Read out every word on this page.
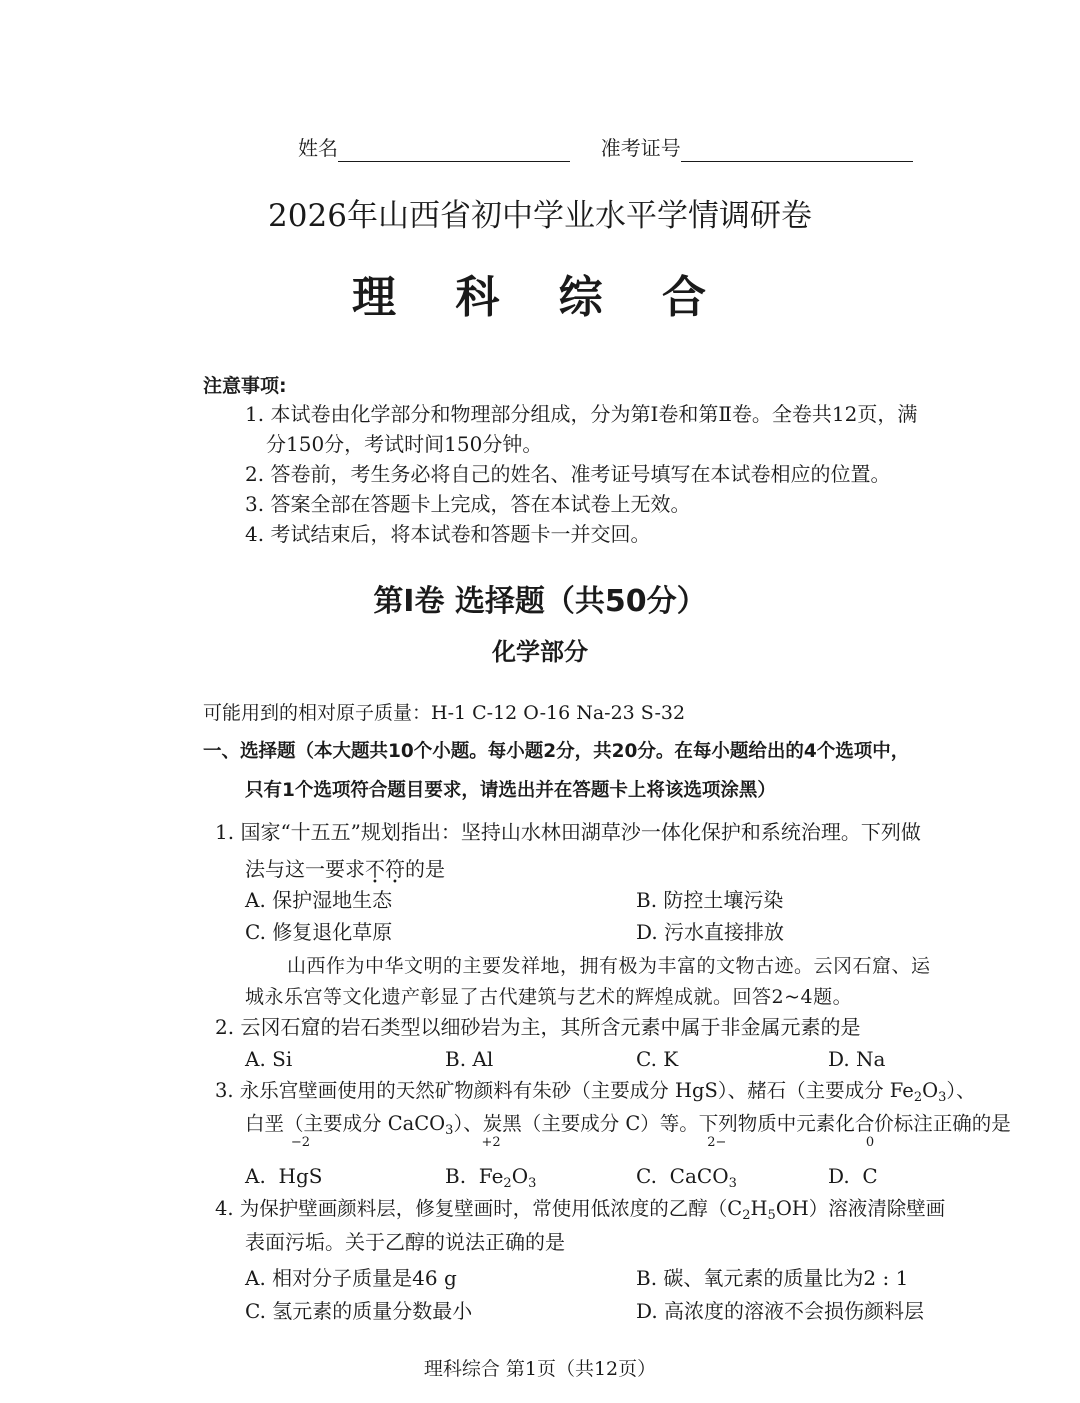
姓名	准考证号
2026年山西省初中学业水平学情调研卷
理 科 综 合
注意事项:
1. 本试卷由化学部分和物理部分组成，分为第Ⅰ卷和第Ⅱ卷。全卷共12页，满
分150分，考试时间150分钟。
2. 答卷前，考生务必将自己的姓名、准考证号填写在本试卷相应的位置。
3. 答案全部在答题卡上完成，答在本试卷上无效。
4. 考试结束后，将本试卷和答题卡一并交回。
第Ⅰ卷 选择题（共50分）
化学部分
可能用到的相对原子质量：H-1 C-12 O-16 Na-23 S-32
一、选择题（本大题共10个小题。每小题2分，共20分。在每小题给出的4个选项中，
只有1个选项符合题目要求，请选出并在答题卡上将该选项涂黑）
1. 国家“十五五”规划指出：坚持山水林田湖草沙一体化保护和系统治理。下列做
法与这一要求不符的是
A. 保护湿地生态	B. 防控土壤污染
C. 修复退化草原	D. 污水直接排放
山西作为中华文明的主要发祥地，拥有极为丰富的文物古迹。云冈石窟、运
城永乐宫等文化遗产彰显了古代建筑与艺术的辉煌成就。回答2~4题。
2. 云冈石窟的岩石类型以细砂岩为主，其所含元素中属于非金属元素的是
A. Si	B. Al	C. K	D. Na
3. 永乐宫壁画使用的天然矿物颜料有朱砂（主要成分 HgS）、赭石（主要成分 $Fe_2O_3$）、
白垩（主要成分 CaCO$_3$）、炭黑（主要成分 C）等。下列物质中元素化合价标注正确的是
A.
−2
HgS	B.
+2
$Fe_2O_3$	C.
2−
CaCO$_3$	D.
0
C
4. 为保护壁画颜料层，修复壁画时，常使用低浓度的乙醇$(C_2H_5OH)$溶液清除壁画
表面污垢。关于乙醇的说法正确的是
A. 相对分子质量是46 g	B. 碳、氧元素的质量比为2 : 1
C. 氢元素的质量分数最小	D. 高浓度的溶液不会损伤颜料层
理科综合 第1页（共12页）
